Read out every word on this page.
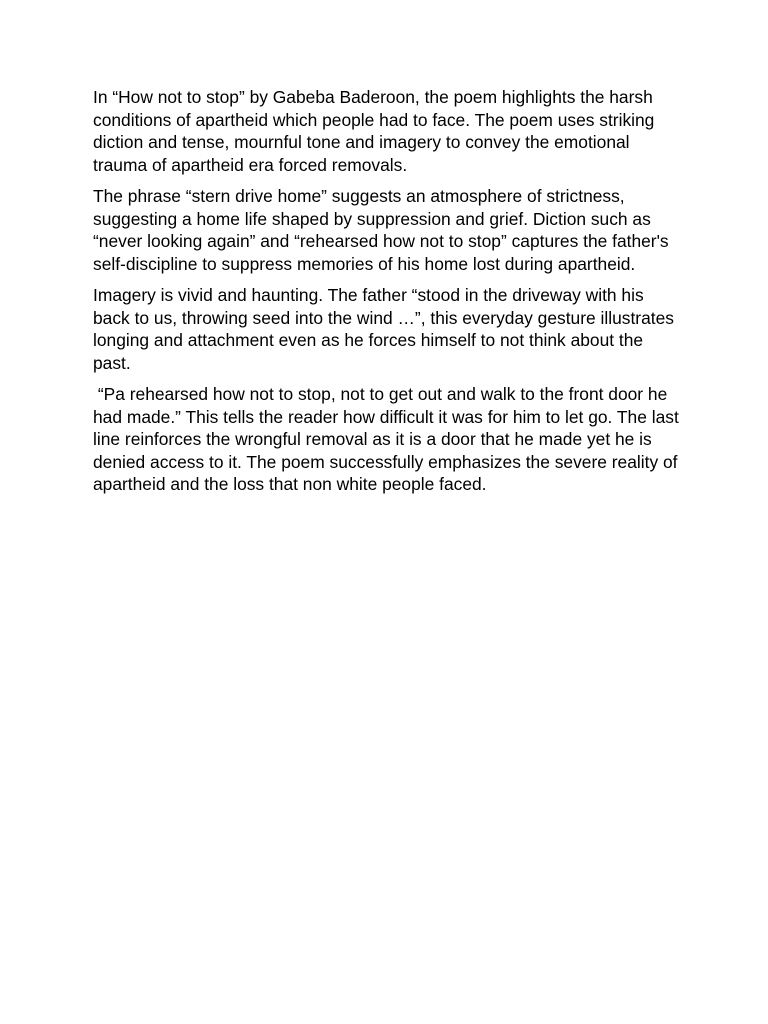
In “How not to stop” by Gabeba Baderoon, the poem highlights the harsh conditions of apartheid which people had to face. The poem uses striking diction and tense, mournful tone and imagery to convey the emotional trauma of apartheid era forced removals.

The phrase “stern drive home” suggests an atmosphere of strictness, suggesting a home life shaped by suppression and grief. Diction such as “never looking again” and “rehearsed how not to stop” captures the father's self-discipline to suppress memories of his home lost during apartheid.

Imagery is vivid and haunting. The father “stood in the driveway with his back to us, throwing seed into the wind …”, this everyday gesture illustrates longing and attachment even as he forces himself to not think about the past.

“Pa rehearsed how not to stop, not to get out and walk to the front door he had made.” This tells the reader how difficult it was for him to let go. The last line reinforces the wrongful removal as it is a door that he made yet he is denied access to it. The poem successfully emphasizes the severe reality of apartheid and the loss that non white people faced.
